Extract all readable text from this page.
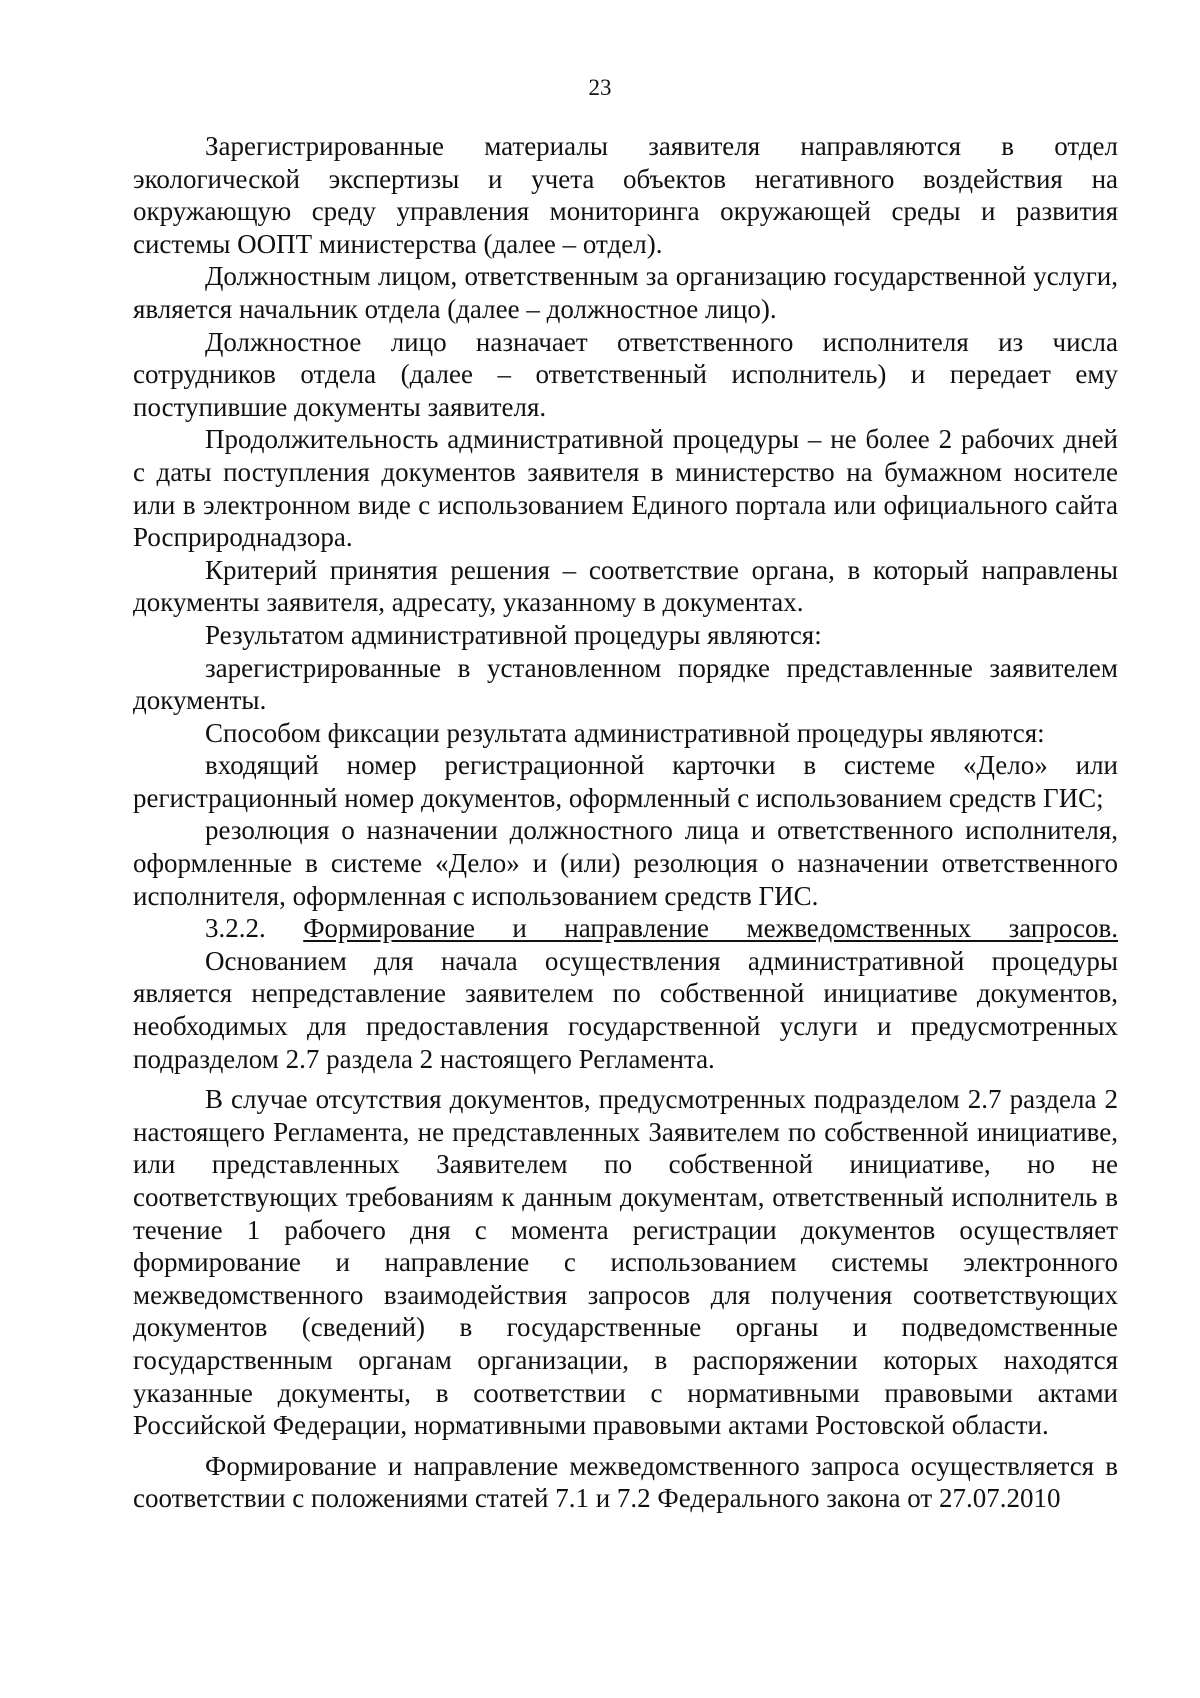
23

Зарегистрированные материалы заявителя направляются в отдел экологической экспертизы и учета объектов негативного воздействия на окружающую среду управления мониторинга окружающей среды и развития системы ООПТ министерства (далее – отдел).

Должностным лицом, ответственным за организацию государственной услуги, является начальник отдела (далее – должностное лицо).

Должностное лицо назначает ответственного исполнителя из числа сотрудников отдела (далее – ответственный исполнитель) и передает ему поступившие документы заявителя.

Продолжительность административной процедуры – не более 2 рабочих дней с даты поступления документов заявителя в министерство на бумажном носителе или в электронном виде с использованием Единого портала или официального сайта Росприроднадзора.

Критерий принятия решения – соответствие органа, в который направлены документы заявителя, адресату, указанному в документах.

Результатом административной процедуры являются:

зарегистрированные в установленном порядке представленные заявителем документы.

Способом фиксации результата административной процедуры являются:

входящий номер регистрационной карточки в системе «Дело» или регистрационный номер документов, оформленный с использованием средств ГИС;

резолюция о назначении должностного лица и ответственного исполнителя, оформленные в системе «Дело» и (или) резолюция о назначении ответственного исполнителя, оформленная с использованием средств ГИС.

3.2.2. Формирование и направление межведомственных запросов.

Основанием для начала осуществления административной процедуры является непредставление заявителем по собственной инициативе документов, необходимых для предоставления государственной услуги и предусмотренных подразделом 2.7 раздела 2 настоящего Регламента.

В случае отсутствия документов, предусмотренных подразделом 2.7 раздела 2 настоящего Регламента, не представленных Заявителем по собственной инициативе, или представленных Заявителем по собственной инициативе, но не соответствующих требованиям к данным документам, ответственный исполнитель в течение 1 рабочего дня с момента регистрации документов осуществляет формирование и направление с использованием системы электронного межведомственного взаимодействия запросов для получения соответствующих документов (сведений) в государственные органы и подведомственные государственным органам организации, в распоряжении которых находятся указанные документы, в соответствии с нормативными правовыми актами Российской Федерации, нормативными правовыми актами Ростовской области.

Формирование и направление межведомственного запроса осуществляется в соответствии с положениями статей 7.1 и 7.2 Федерального закона от 27.07.2010
